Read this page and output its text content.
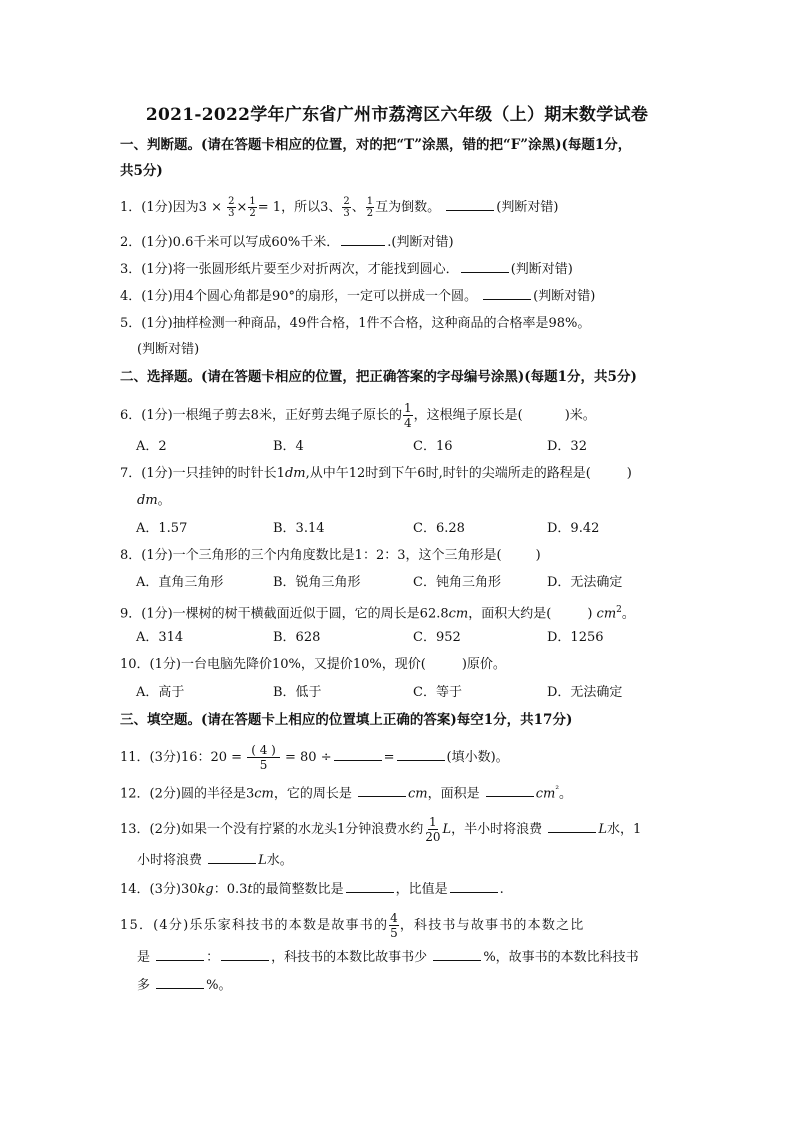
2021-2022学年广东省广州市荔湾区六年级（上）期末数学试卷
一、判断题。(请在答题卡相应的位置，对的把“T”涂黑，错的把“F”涂黑)(每题1分，
共5分)
1．(1分)因为$3 \times \frac{2}{3} \times \frac{1}{2} = 1$，所以3、 $\frac{2}{3}$ 、 $\frac{1}{2}$ 互为倒数。	(判断对错)
2．(1分)0.6千米可以写成60%千米．	.(判断对错)
3．(1分)将一张圆形纸片要至少对折两次，才能找到圆心．	(判断对错)
4．(1分)用4个圆心角都是90°的扇形，一定可以拼成一个圆。	(判断对错)
5．(1分)抽样检测一种商品，49件合格，1件不合格，这种商品的合格率是98%。
(判断对错)
二、选择题。(请在答题卡相应的位置，把正确答案的字母编号涂黑)(每题1分，共5分)
6．(1分)一根绳子剪去8米，正好剪去绳子原长的 $\frac{1}{4}$ ，这根绳子原长是(	)米。
A．2	B．4	C．16	D．32
7．(1分)一只挂钟的时针长1dm,从中午12时到下午6时,时针的尖端所走的路程是(	)
dm。
A．1.57	B．3.14	C．6.28	D．9.42
8．(1分)一个三角形的三个内角度数比是1：2：3，这个三角形是(	)
A．直角三角形	B．锐角三角形	C．钝角三角形	D．无法确定
9．(1分)一棵树的树干横截面近似于圆，它的周长是62.8cm，面积大约是(	) $cm^2$。
A．314	B．628	C．952	D．1256
10．(1分)一台电脑先降价10%，又提价10%，现价(	)原价。
A．高于	B．低于	C．等于	D．无法确定
三、填空题。(请在答题卡上相应的位置填上正确的答案)每空1分，共17分)
11．(3分)16：$20 = \frac{( 4 )}{5} = 80$ ÷	=	(填小数)。
12．(2分)圆的半径是3cm，它的周长是	cm，面积是	$cm^{^2}$。
13．(2分)如果一个没有拧紧的水龙头1分钟浪费水约 $\frac{1}{20}$ L，半小时将浪费	L水，1
小时将浪费	L水。
14．(3分)30kg：0.3t的最简整数比是	，比值是	.
15．(4分)乐乐家科技书的本数是故事书的 $\frac{4}{5}$ ，科技书与故事书的本数之比
是	：	，科技书的本数比故事书少	%，故事书的本数比科技书
多	%。
